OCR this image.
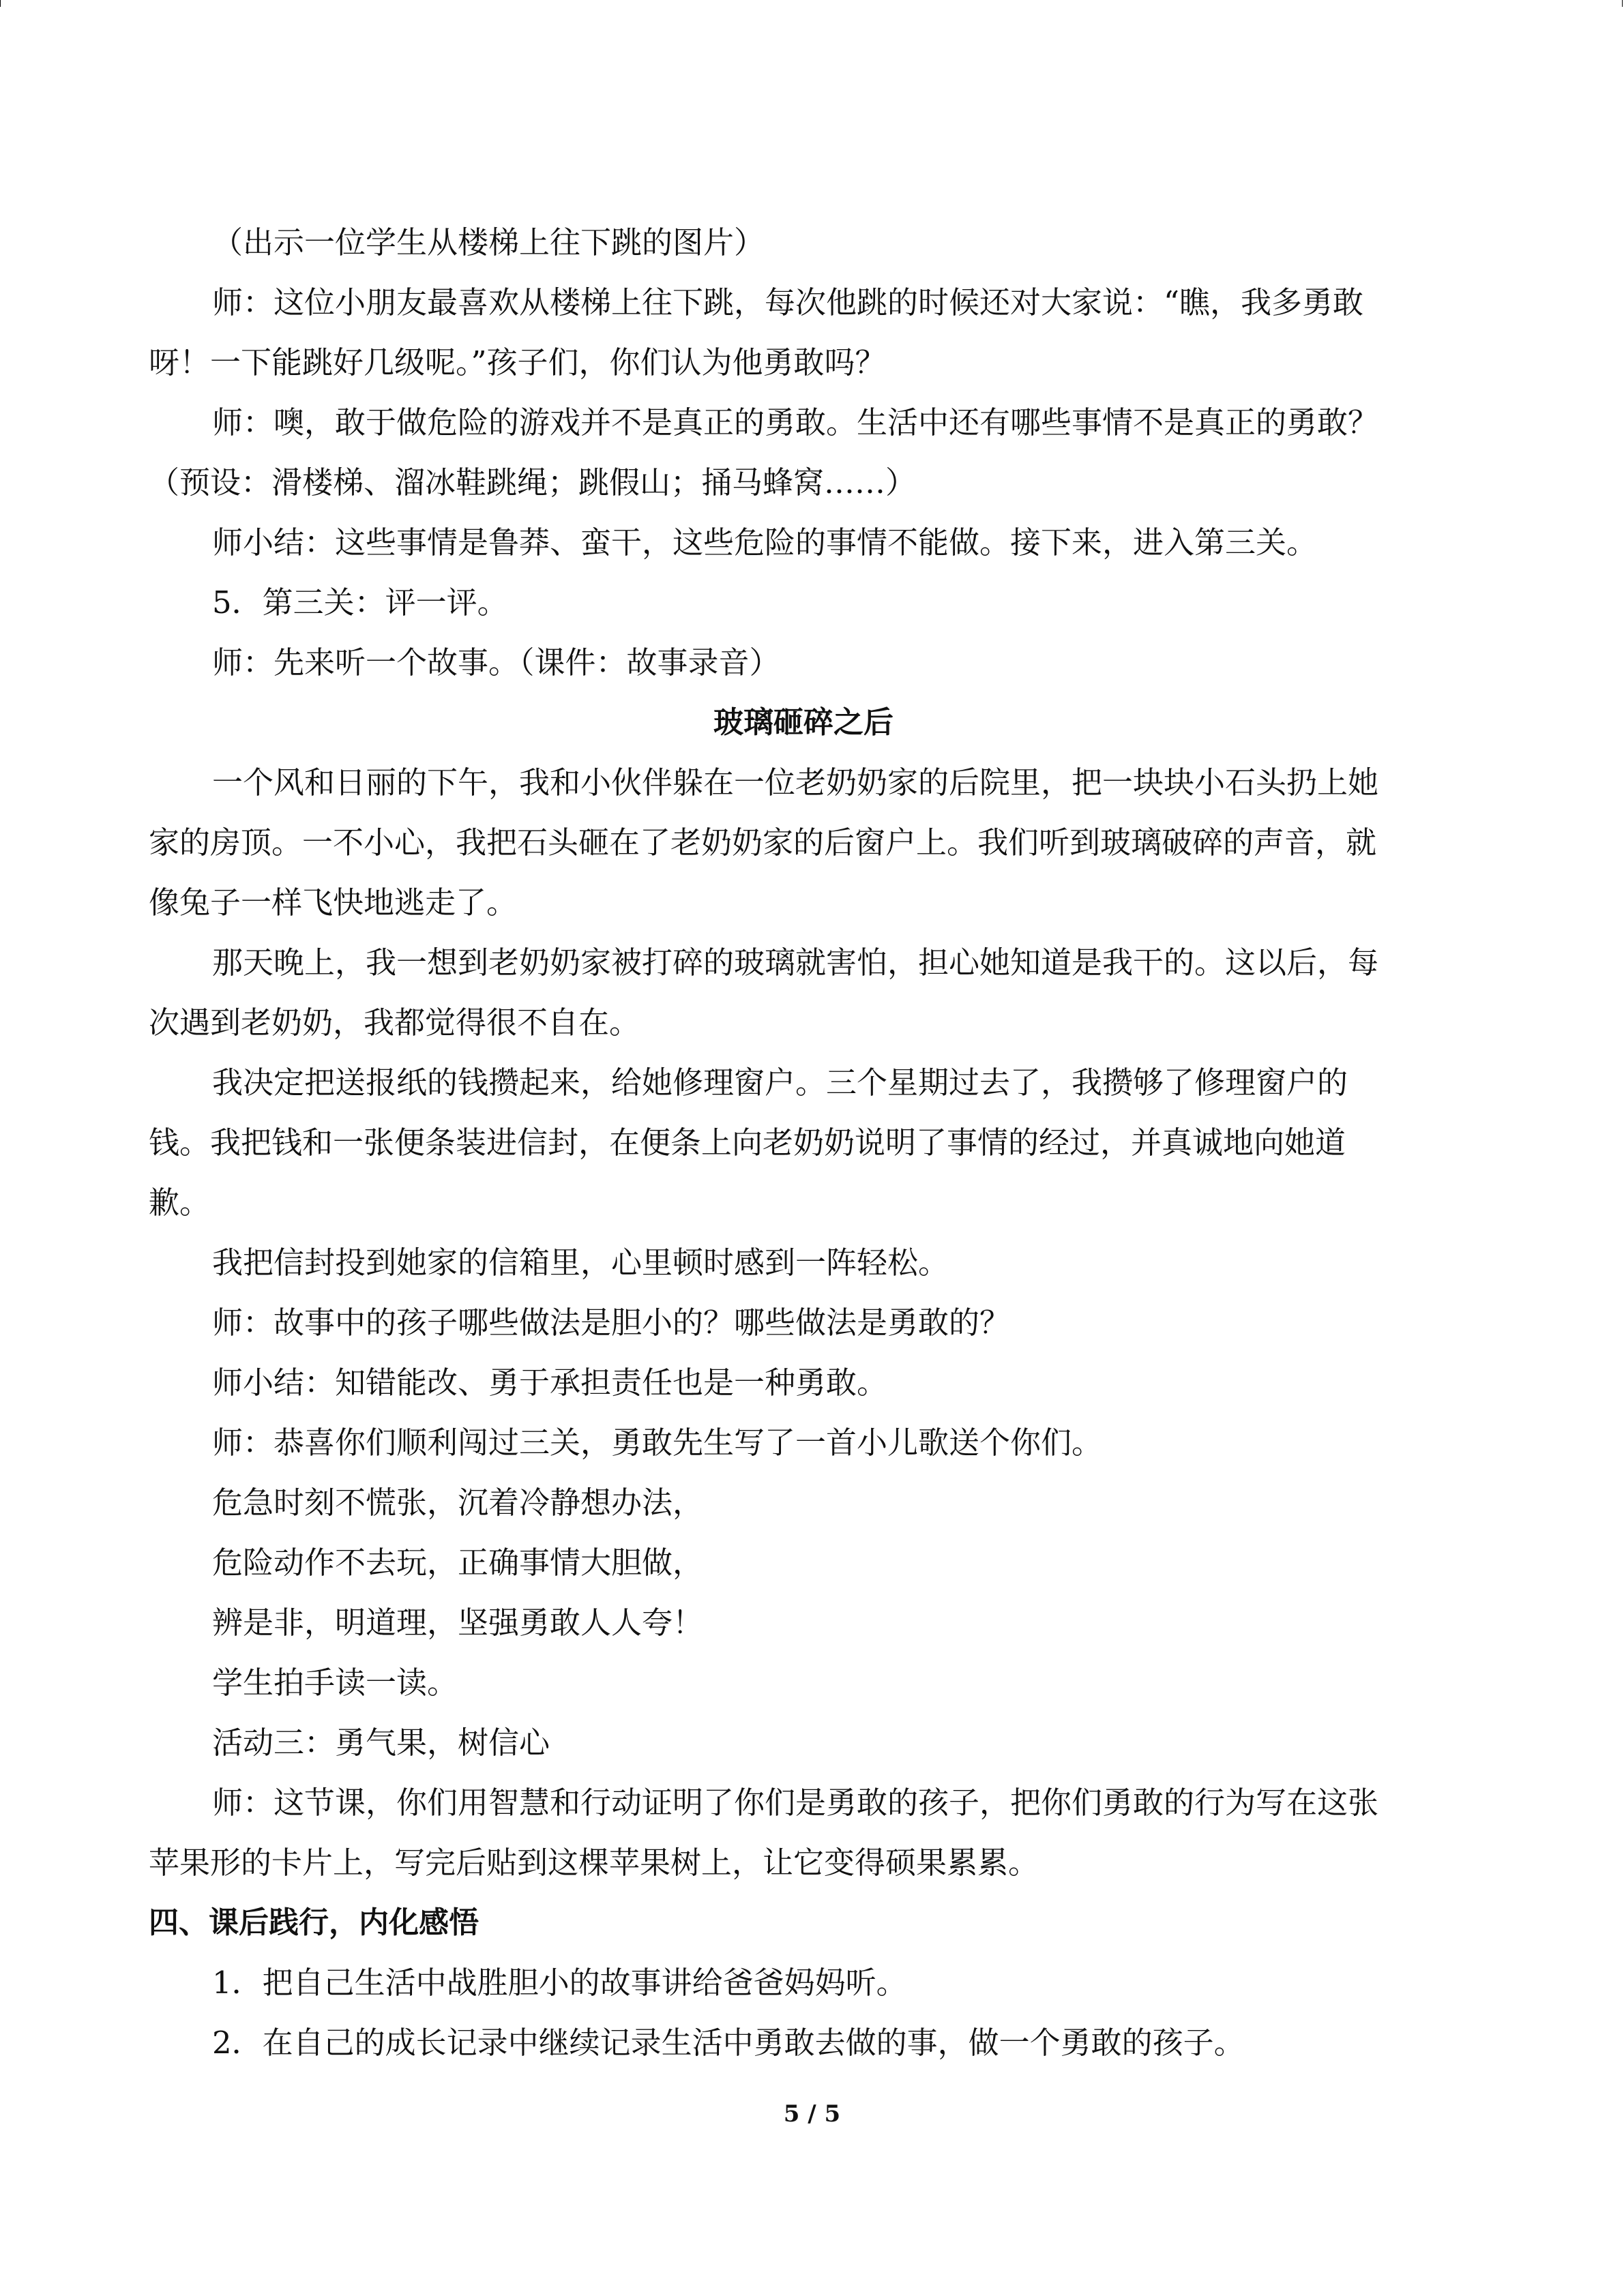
（出示一位学生从楼梯上往下跳的图片）
师：这位小朋友最喜欢从楼梯上往下跳，每次他跳的时候还对大家说：“瞧，我多勇敢
呀！一下能跳好几级呢。”孩子们，你们认为他勇敢吗？
师：噢，敢于做危险的游戏并不是真正的勇敢。生活中还有哪些事情不是真正的勇敢？
（预设：滑楼梯、溜冰鞋跳绳；跳假山；捅马蜂窝……）
师小结：这些事情是鲁莽、蛮干，这些危险的事情不能做。接下来，进入第三关。
5．第三关：评一评。
师：先来听一个故事。（课件：故事录音）
玻璃砸碎之后
一个风和日丽的下午，我和小伙伴躲在一位老奶奶家的后院里，把一块块小石头扔上她
家的房顶。一不小心，我把石头砸在了老奶奶家的后窗户上。我们听到玻璃破碎的声音，就
像兔子一样飞快地逃走了。
那天晚上，我一想到老奶奶家被打碎的玻璃就害怕，担心她知道是我干的。这以后，每
次遇到老奶奶，我都觉得很不自在。
我决定把送报纸的钱攒起来，给她修理窗户。三个星期过去了，我攒够了修理窗户的
钱。我把钱和一张便条装进信封，在便条上向老奶奶说明了事情的经过，并真诚地向她道
歉。
我把信封投到她家的信箱里，心里顿时感到一阵轻松。
师：故事中的孩子哪些做法是胆小的？哪些做法是勇敢的？
师小结：知错能改、勇于承担责任也是一种勇敢。
师：恭喜你们顺利闯过三关，勇敢先生写了一首小儿歌送个你们。
危急时刻不慌张，沉着冷静想办法，
危险动作不去玩，正确事情大胆做，
辨是非，明道理，坚强勇敢人人夸！
学生拍手读一读。
活动三：勇气果，树信心
师：这节课，你们用智慧和行动证明了你们是勇敢的孩子，把你们勇敢的行为写在这张
苹果形的卡片上，写完后贴到这棵苹果树上，让它变得硕果累累。
四、课后践行，内化感悟
1．把自己生活中战胜胆小的故事讲给爸爸妈妈听。
2．在自己的成长记录中继续记录生活中勇敢去做的事，做一个勇敢的孩子。
5 / 5
